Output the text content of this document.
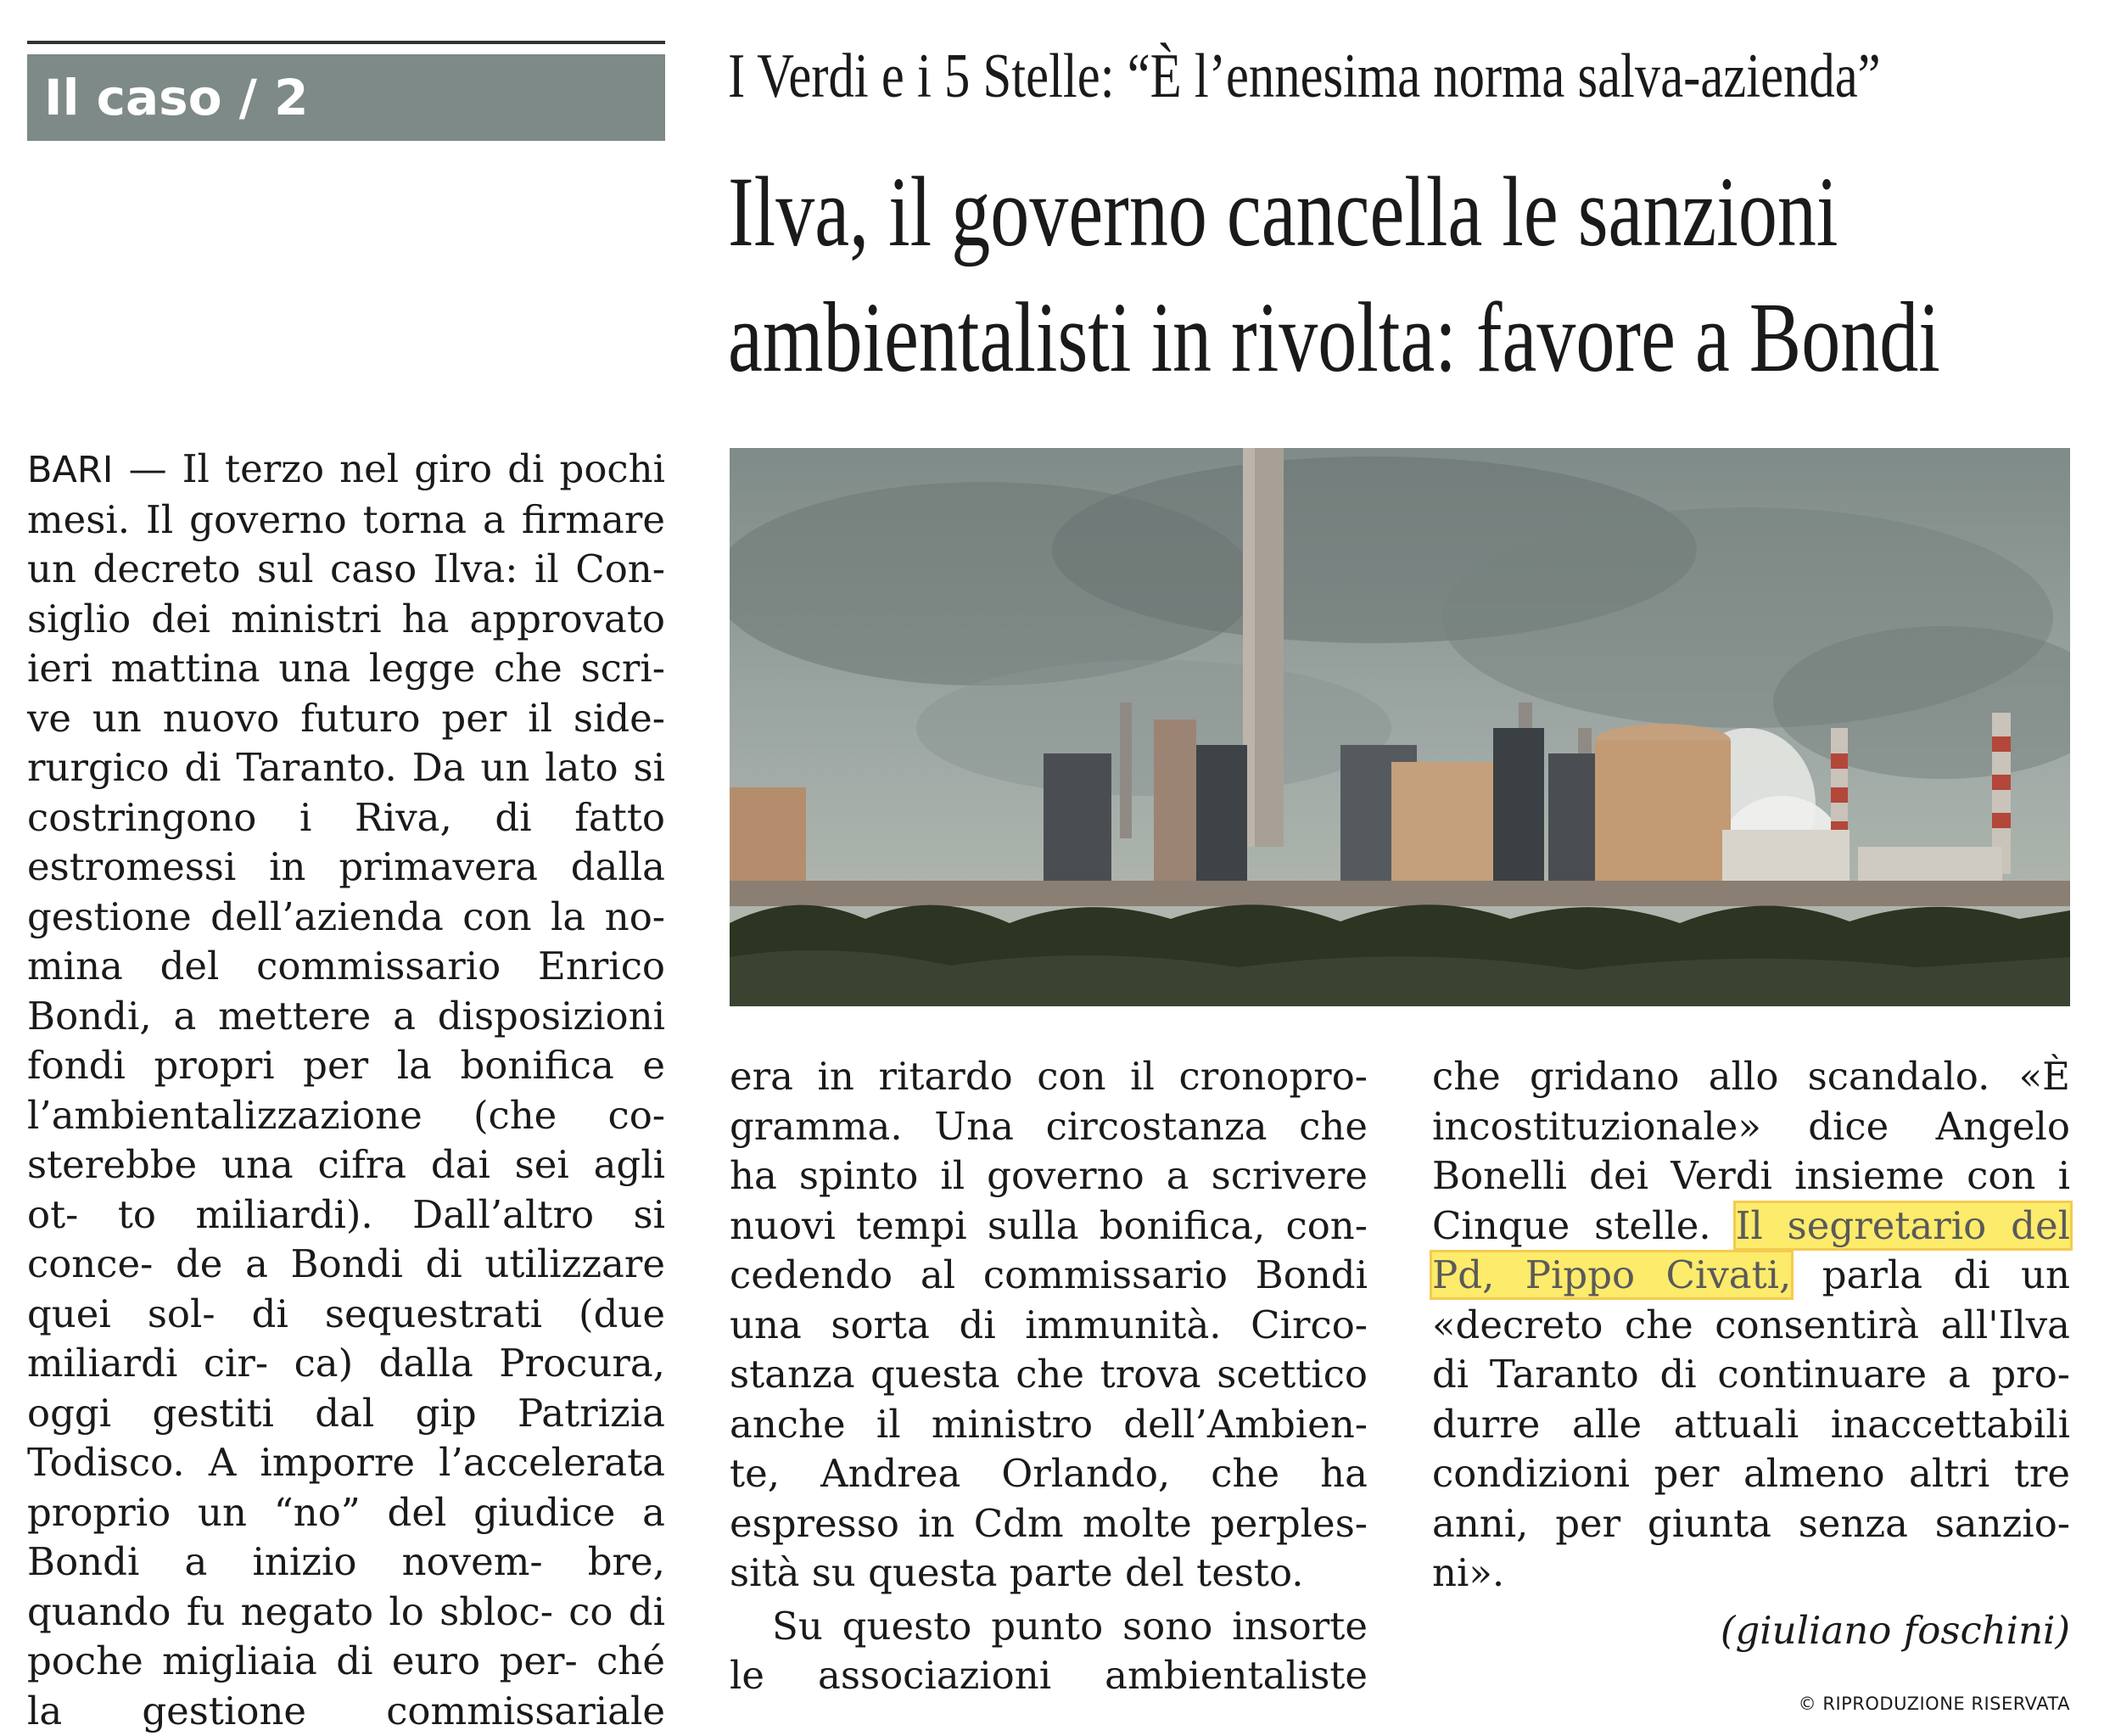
Il caso / 2	I Verdi e i 5 Stelle: “È l’ennesima norma salva-azienda”
Ilva, il governo cancella le sanzioni
ambientalisti in rivolta: favore a Bondi

BARI — Il terzo nel giro di pochi mesi. Il governo torna a firmare un decreto sul caso Ilva: il Con- siglio dei ministri ha approvato ieri mattina una legge che scri- ve un nuovo futuro per il side- rurgico di Taranto. Da un lato si costringono i Riva, di fatto estromessi in primavera dalla gestione dell’azienda con la no- mina del commissario Enrico Bondi, a mettere a disposizioni fondi propri per la bonifica e l’ambientalizzazione (che co- sterebbe una cifra dai sei agli ot- to miliardi). Dall’altro si conce- de a Bondi di utilizzare quei sol- di sequestrati (due miliardi cir- ca) dalla Procura, oggi gestiti dal gip Patrizia Todisco. A imporre l’accelerata proprio un “no” del giudice a Bondi a inizio novem- bre, quando fu negato lo sbloc- co di poche migliaia di euro per- ché la gestione commissariale

era in ritardo con il cronopro- gramma. Una circostanza che ha spinto il governo a scrivere nuovi tempi sulla bonifica, con- cedendo al commissario Bondi una sorta di immunità. Circo- stanza questa che trova scettico anche il ministro dell’Ambien- te, Andrea Orlando, che ha espresso in Cdm molte perples-
sità su questa parte del testo.

Su questo punto sono insorte le associazioni ambientaliste

che gridano allo scandalo. «È incostituzionale» dice Angelo Bonelli dei Verdi insieme con i Cinque stelle. Il segretario del Pd, Pippo Civati, parla di un «decreto che consentirà all'Ilva di Taranto di continuare a pro- durre alle attuali inaccettabili condizioni per almeno altri tre anni, per giunta senza sanzio-
ni».

(giuliano foschini)
© RIPRODUZIONE RISERVATA
